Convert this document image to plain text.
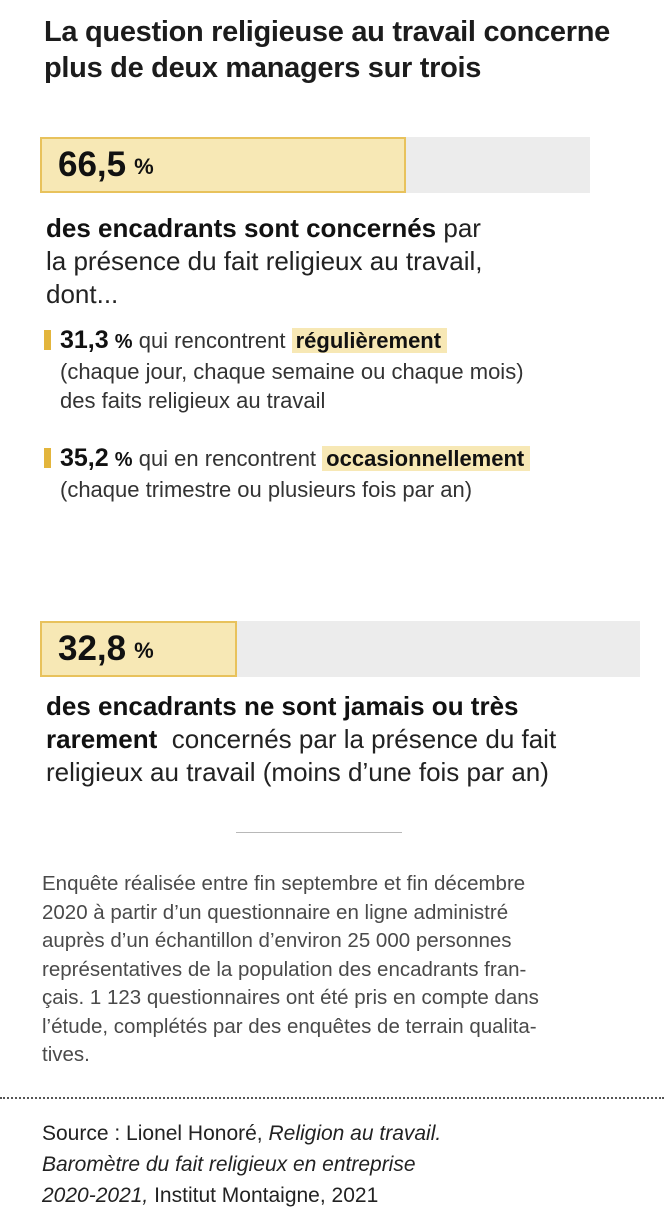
La question religieuse au travail concerne
plus de deux managers sur trois
66,5 %
des encadrants sont concernés par
la présence du fait religieux au travail,
dont...
31,3 % qui rencontrent régulièrement
(chaque jour, chaque semaine ou chaque mois)
des faits religieux au travail
35,2 % qui en rencontrent occasionnellement
(chaque trimestre ou plusieurs fois par an)
32,8 %
des encadrants ne sont jamais ou très
rarement  concernés par la présence du fait
religieux au travail (moins d’une fois par an)
Enquête réalisée entre fin septembre et fin décembre
2020 à partir d’un questionnaire en ligne administré
auprès d’un échantillon d’environ 25 000 personnes
représentatives de la population des encadrants fran-
çais. 1 123 questionnaires ont été pris en compte dans
l’étude, complétés par des enquêtes de terrain qualita-
tives.
Source : Lionel Honoré, Religion au travail.
Baromètre du fait religieux en entreprise
2020-2021, Institut Montaigne, 2021
